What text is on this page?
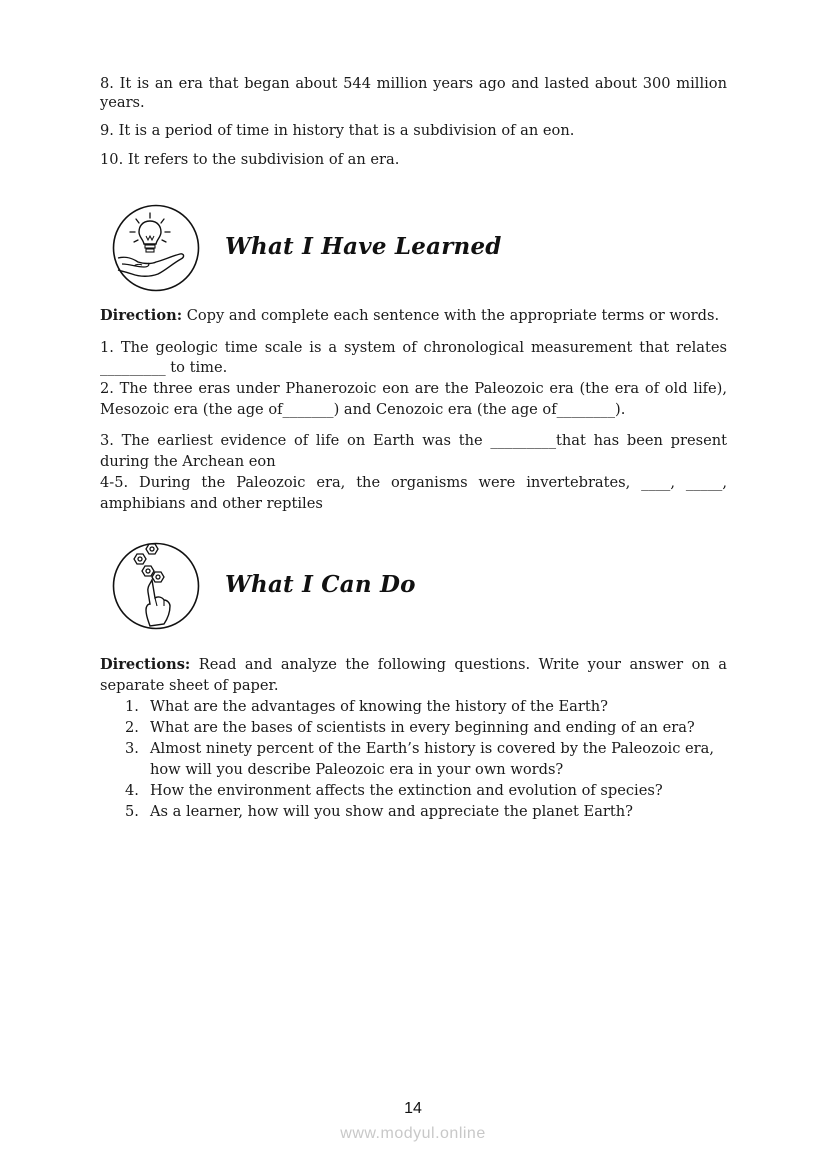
8. It is an era that began about 544 million years ago and lasted about 300 million

years.

9. It is a period of time in history that is a subdivision of an eon.

10. It refers to the subdivision of an era.

What I Have Learned

Direction: Copy and complete each sentence with the appropriate terms or words.

1. The geologic time scale is a system of chronological measurement that relates

_________ to time.

2. The three eras under Phanerozoic eon are the Paleozoic era (the era of old life),

Mesozoic era (the age of_______) and Cenozoic era (the age of________).

3. The earliest evidence of life on Earth was the _________that has been present

during the Archean eon

4-5. During the Paleozoic era, the organisms were invertebrates, ____, _____,

amphibians and other reptiles

What I Can Do

Directions: Read and analyze the following questions. Write your answer on a

separate sheet of paper.

1. What are the advantages of knowing the history of the Earth?
2. What are the bases of scientists in every beginning and ending of an era?
3. Almost ninety percent of the Earth’s history is covered by the Paleozoic era,
how will you describe Paleozoic era in your own words?
4. How the environment affects the extinction and evolution of species?
5. As a learner, how will you show and appreciate the planet Earth?
14
www.modyul.online
